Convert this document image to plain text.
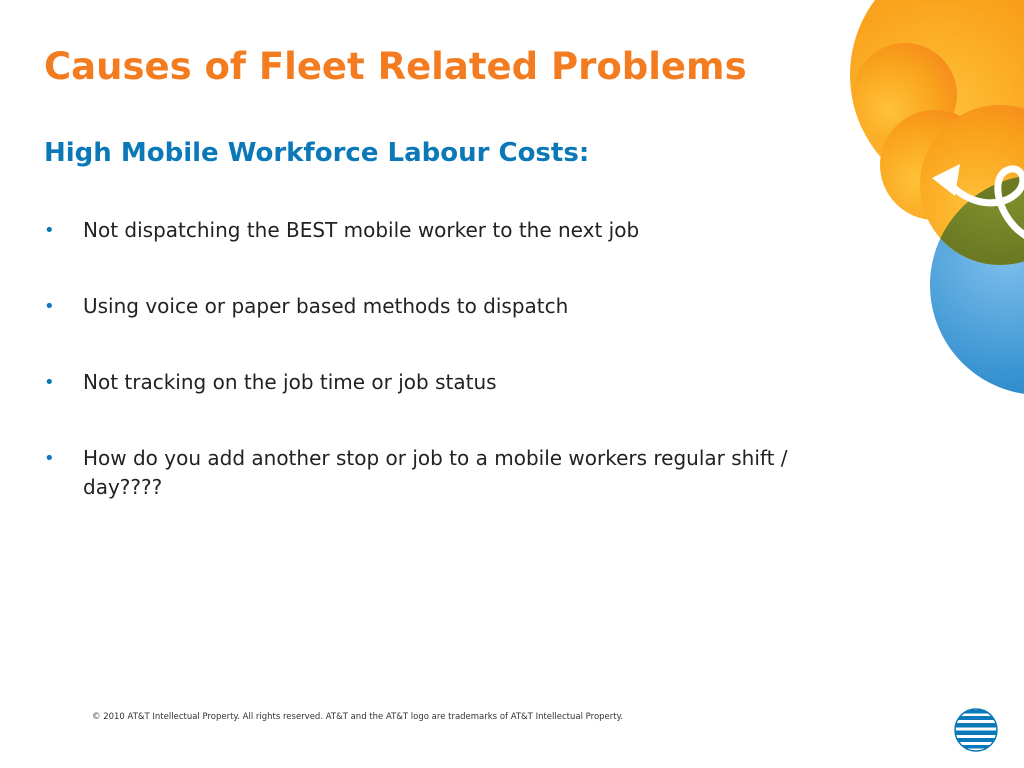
Causes of Fleet Related Problems
High Mobile Workforce Labour Costs:
• Not dispatching the BEST mobile worker to the next job
• Using voice or paper based methods to dispatch
• Not tracking on the job time or job status
• How do you add another stop or job to a mobile workers regular shift / day????
© 2010 AT&T Intellectual Property. All rights reserved. AT&T and the AT&T logo are trademarks of AT&T Intellectual Property.
